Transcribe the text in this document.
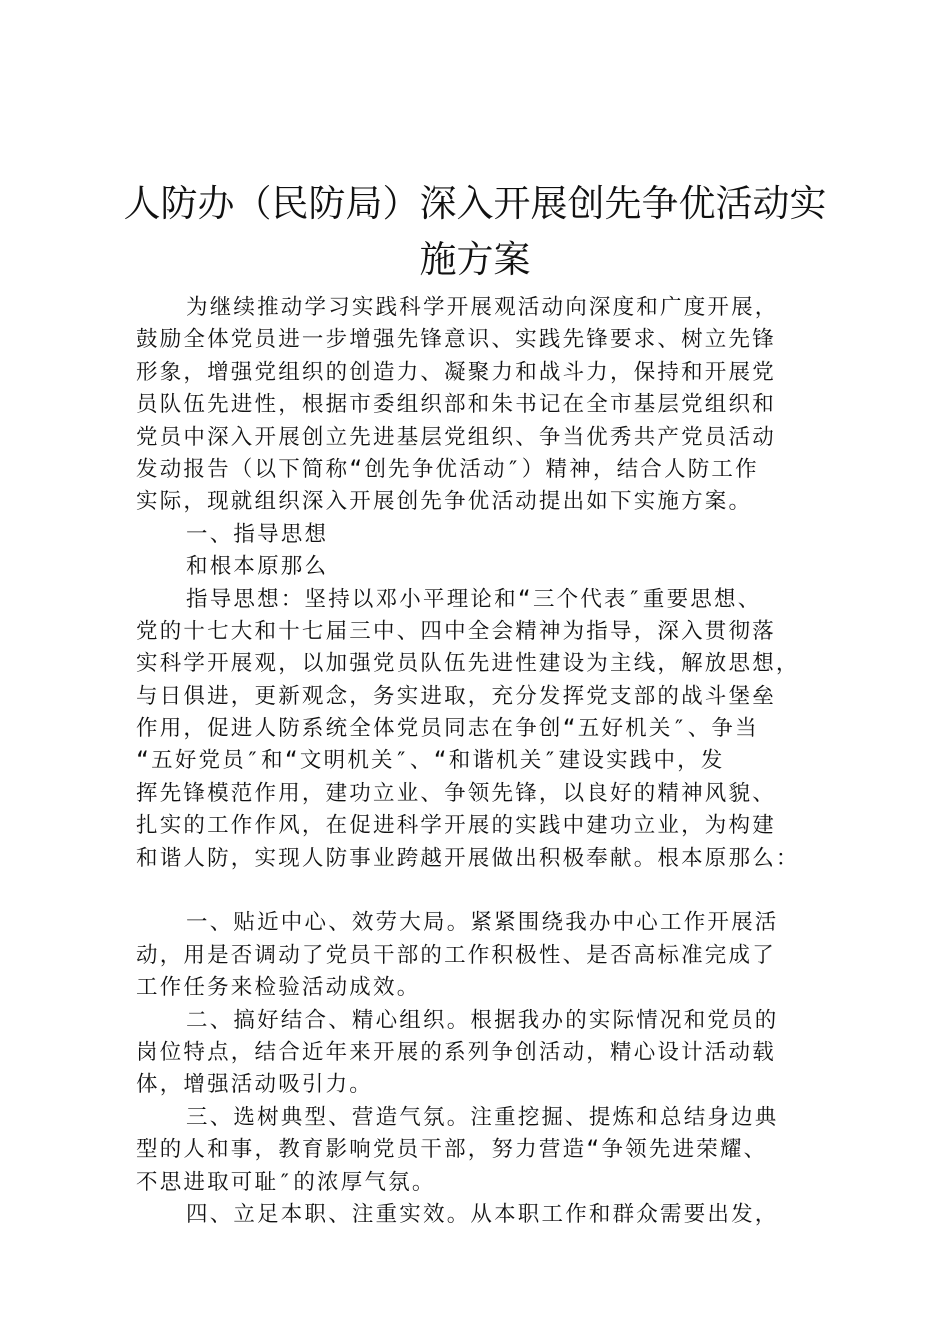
人防办（民防局）深入开展创先争优活动实
施方案
为继续推动学习实践科学开展观活动向深度和广度开展，
鼓励全体党员进一步增强先锋意识、实践先锋要求、树立先锋
形象，增强党组织的创造力、凝聚力和战斗力，保持和开展党
员队伍先进性，根据市委组织部和朱书记在全市基层党组织和
党员中深入开展创立先进基层党组织、争当优秀共产党员活动
发动报告（以下简称“创先争优活动″）精神，结合人防工作
实际，现就组织深入开展创先争优活动提出如下实施方案。
一、指导思想
和根本原那么
指导思想：坚持以邓小平理论和“三个代表″重要思想、
党的十七大和十七届三中、四中全会精神为指导，深入贯彻落
实科学开展观，以加强党员队伍先进性建设为主线，解放思想，
与日俱进，更新观念，务实进取，充分发挥党支部的战斗堡垒
作用，促进人防系统全体党员同志在争创“五好机关″、争当
“五好党员″和“文明机关″、“和谐机关″建设实践中，发
挥先锋模范作用，建功立业、争领先锋，以良好的精神风貌、
扎实的工作作风，在促进科学开展的实践中建功立业，为构建
和谐人防，实现人防事业跨越开展做出积极奉献。根本原那么：
一、贴近中心、效劳大局。紧紧围绕我办中心工作开展活
动，用是否调动了党员干部的工作积极性、是否高标准完成了
工作任务来检验活动成效。
二、搞好结合、精心组织。根据我办的实际情况和党员的
岗位特点，结合近年来开展的系列争创活动，精心设计活动载
体，增强活动吸引力。
三、选树典型、营造气氛。注重挖掘、提炼和总结身边典
型的人和事，教育影响党员干部，努力营造“争领先进荣耀、
不思进取可耻″的浓厚气氛。
四、立足本职、注重实效。从本职工作和群众需要出发，
